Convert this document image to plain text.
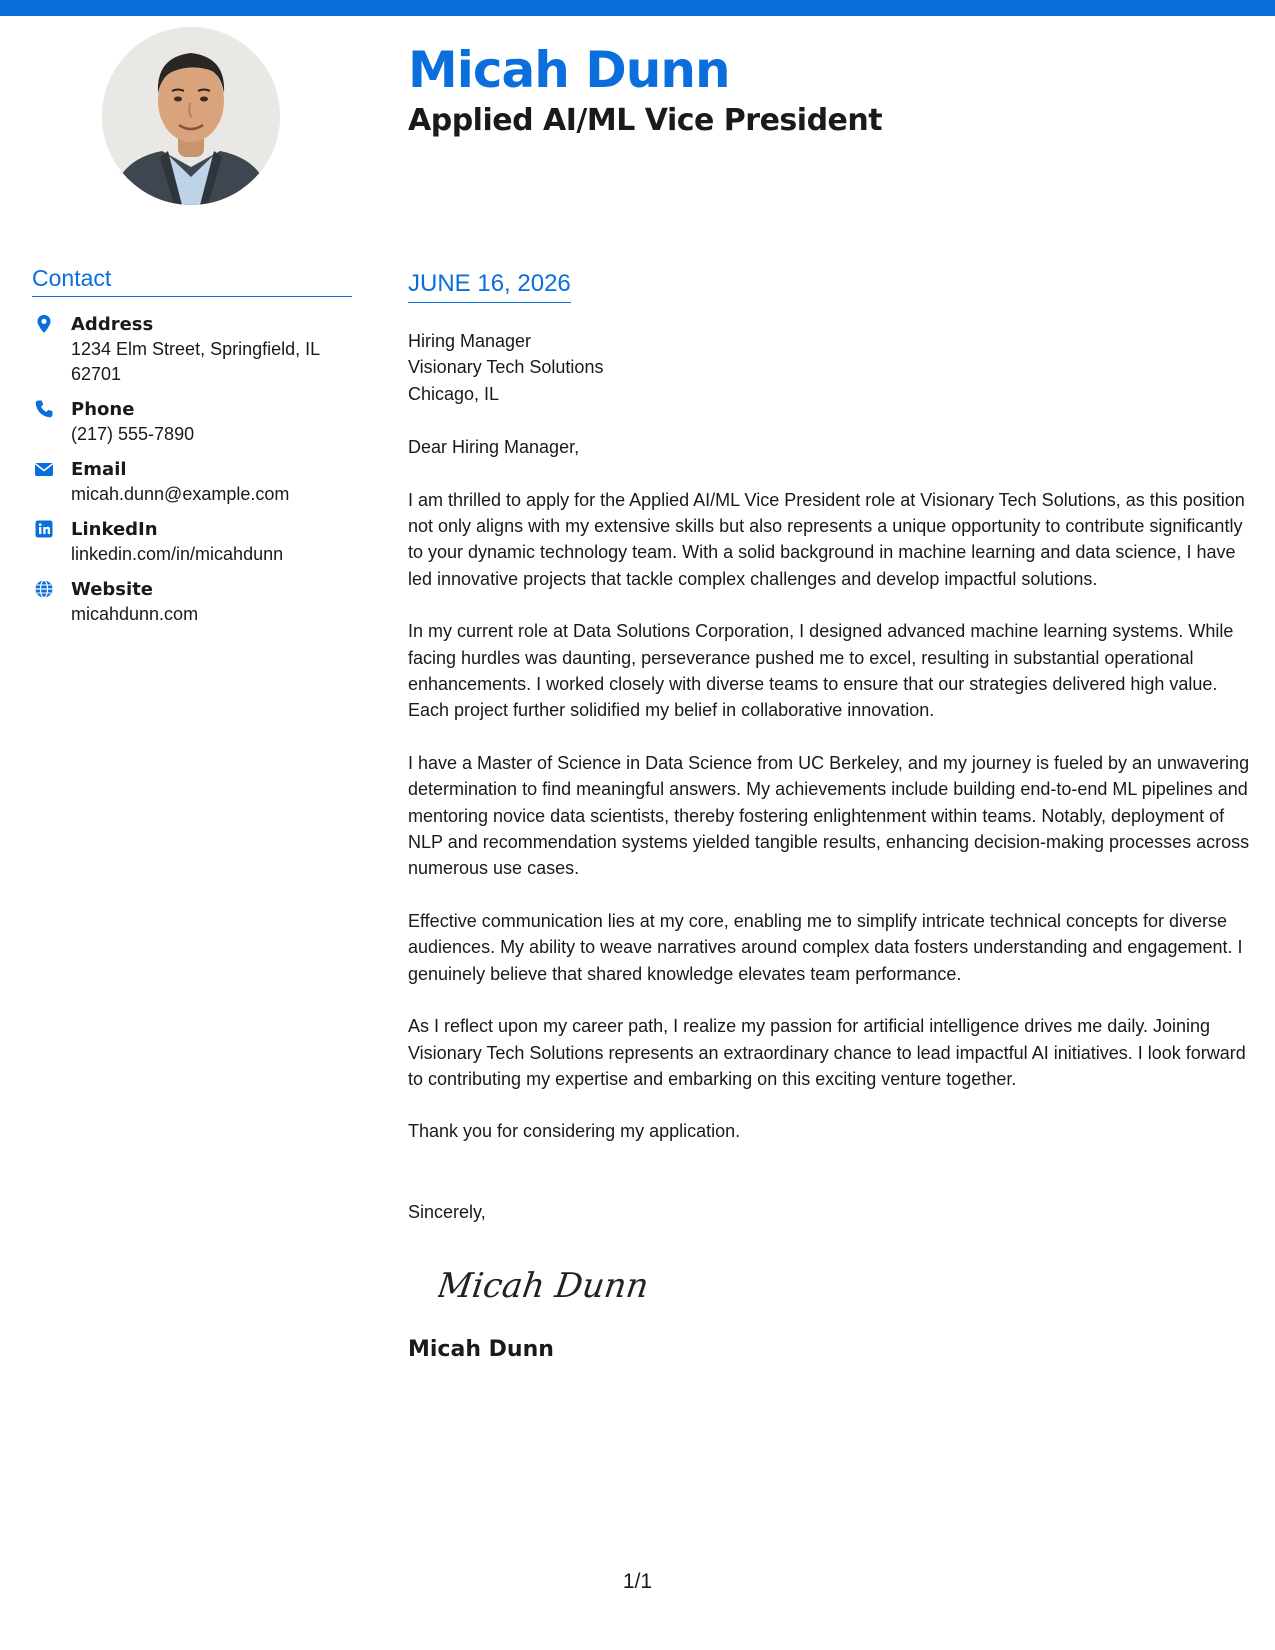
Micah Dunn
Applied AI/ML Vice President
Contact
Address
1234 Elm Street, Springfield, IL 62701
Phone
(217) 555-7890
Email
micah.dunn@example.com
LinkedIn
linkedin.com/in/micahdunn
Website
micahdunn.com
JUNE 16, 2026

Hiring Manager
Visionary Tech Solutions
Chicago, IL

Dear Hiring Manager,

I am thrilled to apply for the Applied AI/ML Vice President role at Visionary Tech Solutions, as this position not only aligns with my extensive skills but also represents a unique opportunity to contribute significantly to your dynamic technology team. With a solid background in machine learning and data science, I have led innovative projects that tackle complex challenges and develop impactful solutions.

In my current role at Data Solutions Corporation, I designed advanced machine learning systems. While facing hurdles was daunting, perseverance pushed me to excel, resulting in substantial operational enhancements. I worked closely with diverse teams to ensure that our strategies delivered high value. Each project further solidified my belief in collaborative innovation.

I have a Master of Science in Data Science from UC Berkeley, and my journey is fueled by an unwavering determination to find meaningful answers. My achievements include building end-to-end ML pipelines and mentoring novice data scientists, thereby fostering enlightenment within teams. Notably, deployment of NLP and recommendation systems yielded tangible results, enhancing decision-making processes across numerous use cases.

Effective communication lies at my core, enabling me to simplify intricate technical concepts for diverse audiences. My ability to weave narratives around complex data fosters understanding and engagement. I genuinely believe that shared knowledge elevates team performance.

As I reflect upon my career path, I realize my passion for artificial intelligence drives me daily. Joining Visionary Tech Solutions represents an extraordinary chance to lead impactful AI initiatives. I look forward to contributing my expertise and embarking on this exciting venture together.

Thank you for considering my application.

Sincerely,

Micah Dunn

Micah Dunn

1/1
